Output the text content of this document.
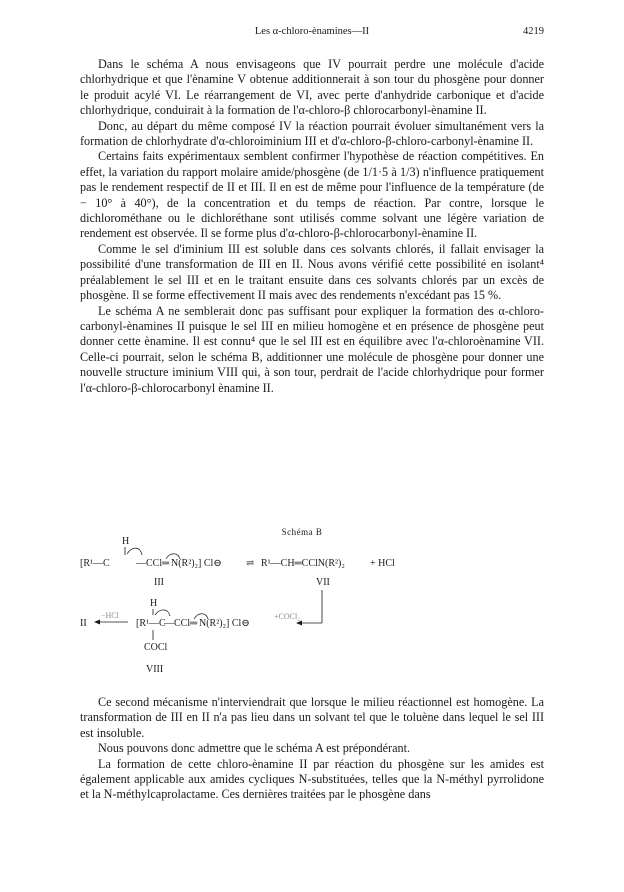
Les α-chloro-ènamines—II	4219

Dans le schéma A nous envisageons que IV pourrait perdre une molécule d'acide chlorhydrique et que l'ènamine V obtenue additionnerait à son tour du phosgène pour donner le produit acylé VI. Le réarrangement de VI, avec perte d'anhydride carbonique et d'acide chlorhydrique, conduirait à la formation de l'α-chloro-β chlorocarbonyl-ènamine II.

Donc, au départ du même composé IV la réaction pourrait évoluer simultanément vers la formation de chlorhydrate d'α-chloroiminium III et d'α-chloro-β-chloro-carbonyl-ènamine II.

Certains faits expérimentaux semblent confirmer l'hypothèse de réaction compétitives. En effet, la variation du rapport molaire amide/phosgène (de 1/1·5 à 1/3) n'influence pratiquement pas le rendement respectif de II et III. Il en est de même pour l'influence de la température (de − 10° à 40°), de la concentration et du temps de réaction. Par contre, lorsque le dichlorométhane ou le dichloréthane sont utilisés comme solvant une légère variation de rendement est observée. Il se forme plus d'α-chloro-β-chlorocarbonyl-ènamine II.

Comme le sel d'iminium III est soluble dans ces solvants chlorés, il fallait envisager la possibilité d'une transformation de III en II. Nous avons vérifié cette possibilité en isolant⁴ préalablement le sel III et en le traitant ensuite dans ces solvants chlorés par un excès de phosgène. Il se forme effectivement II mais avec des rendements n'excédant pas 15 %.

Le schéma A ne semblerait donc pas suffisant pour expliquer la formation des α-chloro-carbonyl-ènamines II puisque le sel III en milieu homogène et en présence de phosgène peut donner cette ènamine. Il est connu⁴ que le sel III est en équilibre avec l'α-chloroènamine VII. Celle-ci pourrait, selon le schéma B, additionner une molécule de phosgène pour donner une nouvelle structure iminium VIII qui, à son tour, perdrait de l'acide chlorhydrique pour former l'α-chloro-β-chlorocarbonyl ènamine II.

Schéma B
H
[R¹—C	—CCl═ N(R²)₂] Cl⊖ ⇌ R¹—CH═CClN(R²)₂	+ HCl
III	VII
+COCl₂
II
−HCl
H
[R¹—C
—CCl═ N(R²)₂] Cl⊖
COCl
VIII

Ce second mécanisme n'interviendrait que lorsque le milieu réactionnel est homogène. La transformation de III en II n'a pas lieu dans un solvant tel que le toluène dans lequel le sel III est insoluble.

Nous pouvons donc admettre que le schéma A est prépondérant.

La formation de cette chloro-ènamine II par réaction du phosgène sur les amides est également applicable aux amides cycliques N-substituées, telles que la N-méthyl pyrrolidone et la N-méthylcaprolactame. Ces dernières traitées par le phosgène dans
